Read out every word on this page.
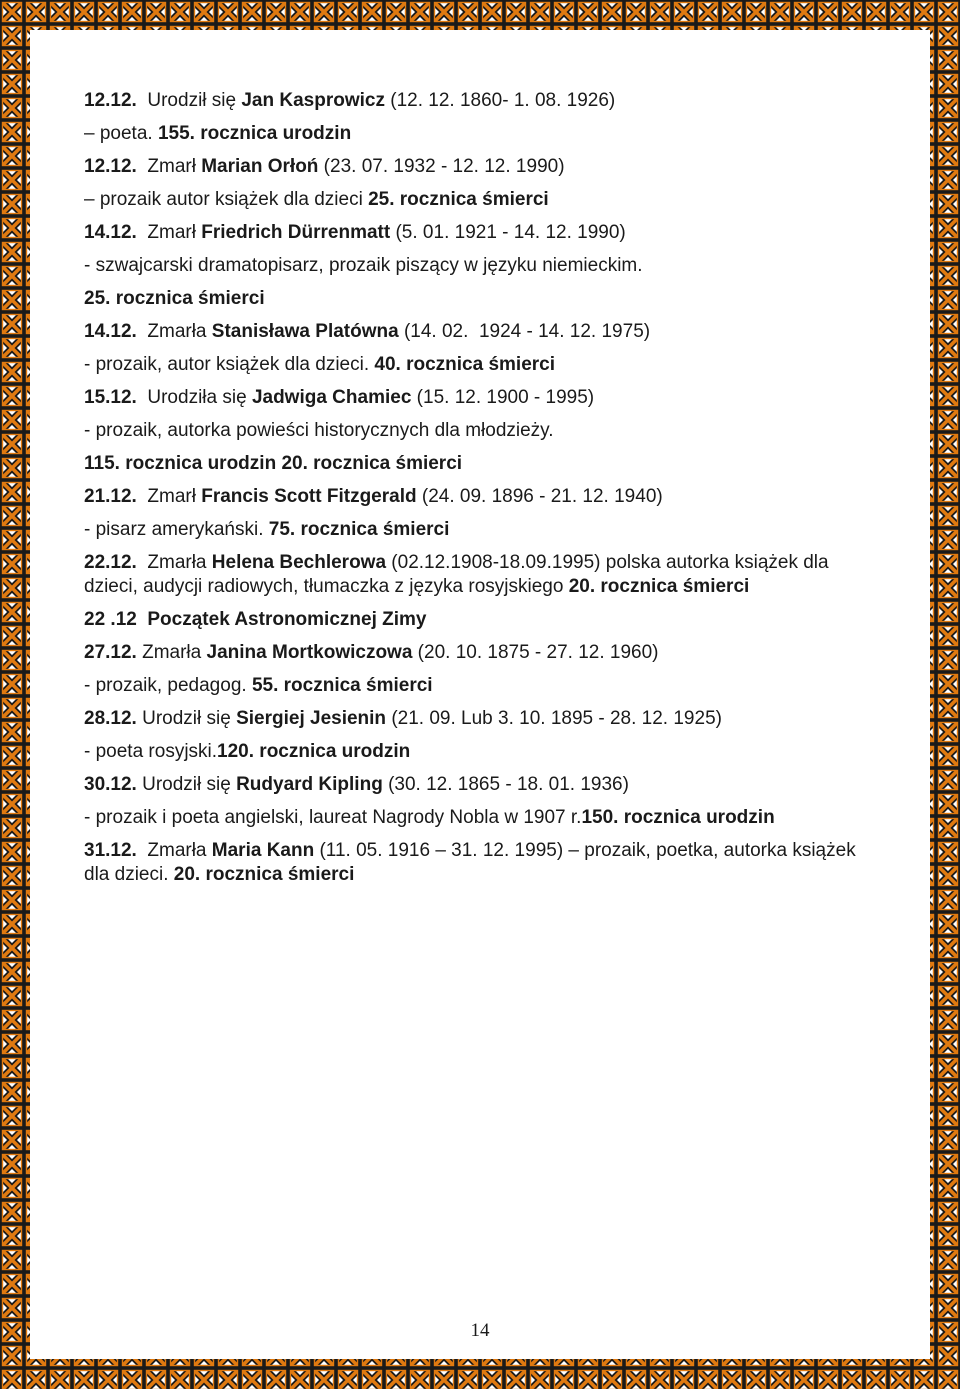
12.12.  Urodził się Jan Kasprowicz (12. 12. 1860- 1. 08. 1926)
– poeta. 155. rocznica urodzin
12.12.  Zmarł Marian Orłoń (23. 07. 1932 - 12. 12. 1990)
– prozaik autor książek dla dzieci 25. rocznica śmierci
14.12.  Zmarł Friedrich Dürrenmatt (5. 01. 1921 - 14. 12. 1990)
- szwajcarski dramatopisarz, prozaik piszący w języku niemieckim.
25. rocznica śmierci
14.12.  Zmarła Stanisława Platówna (14. 02.  1924 - 14. 12. 1975)
- prozaik, autor książek dla dzieci. 40. rocznica śmierci
15.12.  Urodziła się Jadwiga Chamiec (15. 12. 1900 - 1995)
- prozaik, autorka powieści historycznych dla młodzieży.
115. rocznica urodzin 20. rocznica śmierci
21.12.  Zmarł Francis Scott Fitzgerald (24. 09. 1896 - 21. 12. 1940)
- pisarz amerykański. 75. rocznica śmierci
22.12.  Zmarła Helena Bechlerowa (02.12.1908-18.09.1995) polska autorka książek dla dzieci, audycji radiowych, tłumaczka z języka rosyjskiego 20. rocznica śmierci
22 .12  Początek Astronomicznej Zimy
27.12. Zmarła Janina Mortkowiczowa (20. 10. 1875 - 27. 12. 1960)
- prozaik, pedagog. 55. rocznica śmierci
28.12. Urodził się Siergiej Jesienin (21. 09. Lub 3. 10. 1895 - 28. 12. 1925)
- poeta rosyjski.120. rocznica urodzin
30.12. Urodził się Rudyard Kipling (30. 12. 1865 - 18. 01. 1936)
- prozaik i poeta angielski, laureat Nagrody Nobla w 1907 r.150. rocznica urodzin
31.12.  Zmarła Maria Kann (11. 05. 1916 – 31. 12. 1995) – prozaik, poetka, autorka książek dla dzieci. 20. rocznica śmierci
14
